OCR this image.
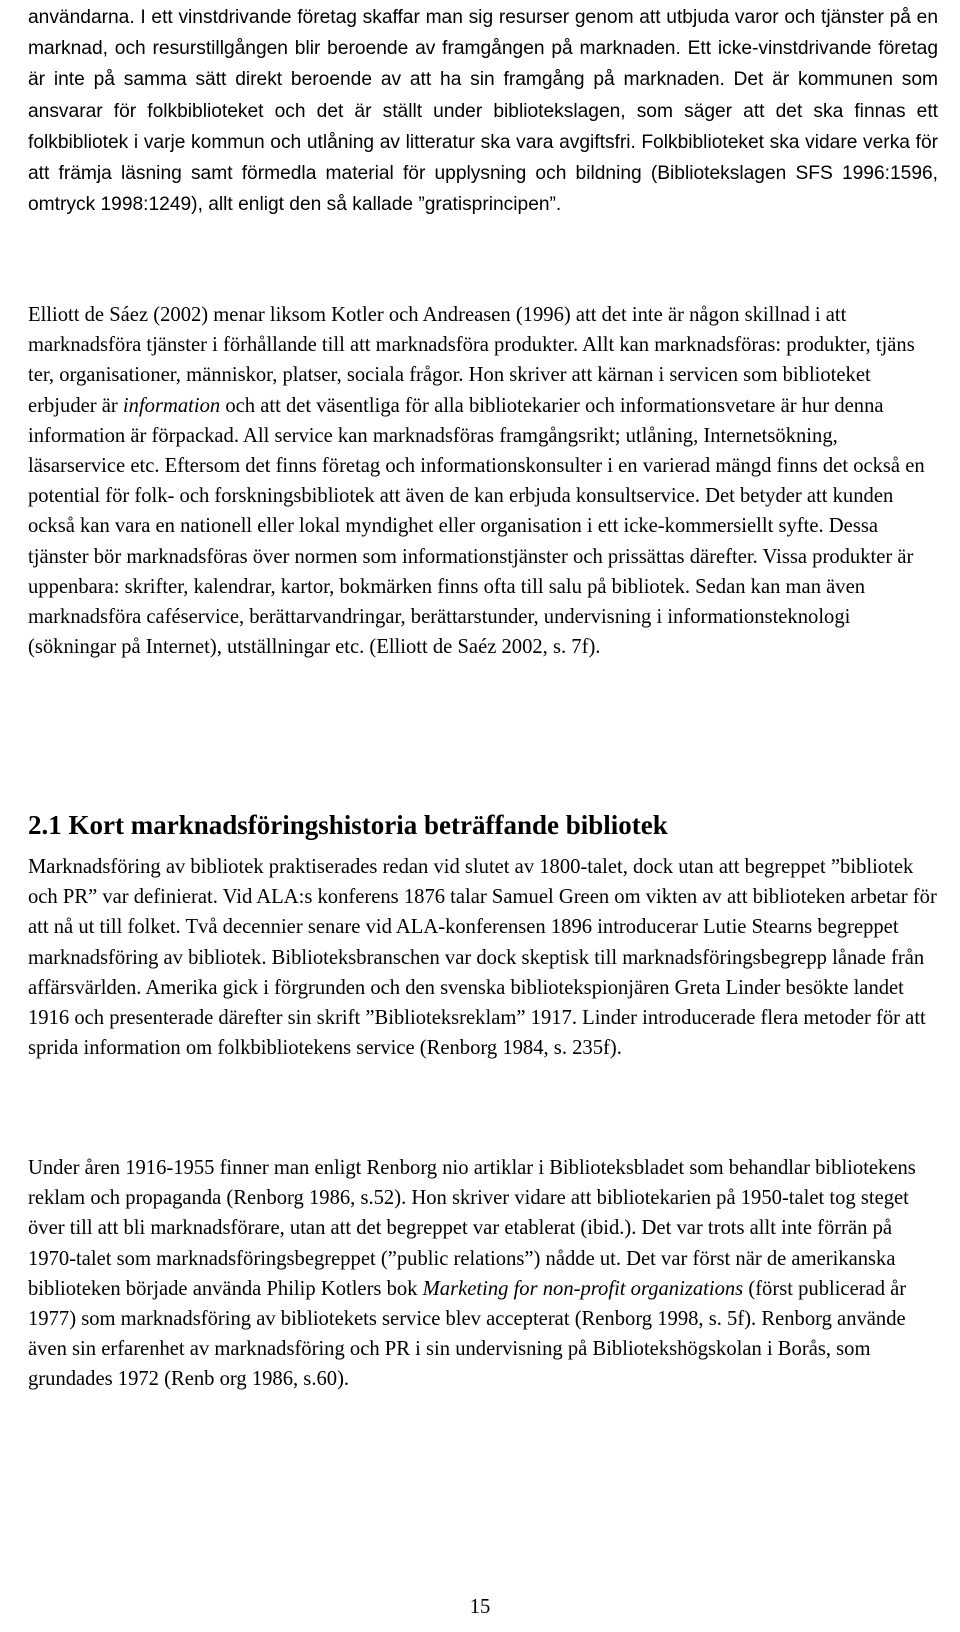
användarna. I ett vinstdrivande företag skaffar man sig resurser genom att utbjuda varor och tjänster på en marknad, och resurstillgången blir beroende av framgången på marknaden. Ett icke-vinstdrivande företag är inte på samma sätt direkt beroende av att ha sin framgång på marknaden. Det är kommunen som ansvarar för folkbiblioteket och det är ställt under bibliotekslagen, som säger att det ska finnas ett folkbibliotek i varje kommun och utlåning av litteratur ska vara avgiftsfri. Folkbiblioteket ska vidare verka för att främja läsning samt förmedla material för upplysning och bildning (Bibliotekslagen SFS 1996:1596, omtryck 1998:1249), allt enligt den så kallade ”gratisprincipen”.

Elliott de Sáez (2002) menar liksom Kotler och Andreasen (1996) att det inte är någon skillnad i att marknadsföra tjänster i förhållande till att marknadsföra produkter. Allt kan marknadsföras: produkter, tjäns ter, organisationer, människor, platser, sociala frågor. Hon skriver att kärnan i servicen som biblioteket erbjuder är information och att det väsentliga för alla bibliotekarier och informationsvetare är hur denna information är förpackad. All service kan marknadsföras framgångsrikt; utlåning, Internetsökning, läsarservice etc. Eftersom det finns företag och informationskonsulter i en varierad mängd finns det också en potential för folk- och forskningsbibliotek att även de kan erbjuda konsultservice. Det betyder att kunden också kan vara en nationell eller lokal myndighet eller organisation i ett icke-kommersiellt syfte. Dessa tjänster bör marknadsföras över normen som informationstjänster och prissättas därefter. Vissa produkter är uppenbara: skrifter, kalendrar, kartor, bokmärken finns ofta till salu på bibliotek. Sedan kan man även marknadsföra caféservice, berättarvandringar, berättarstunder, undervisning i informationsteknologi (sökningar på Internet), utställningar etc. (Elliott de Saéz 2002, s. 7f).

2.1 Kort marknadsföringshistoria beträffande bibliotek

Marknadsföring av bibliotek praktiserades redan vid slutet av 1800-talet, dock utan att begreppet ”bibliotek och PR” var definierat. Vid ALA:s konferens 1876 talar Samuel Green om vikten av att biblioteken arbetar för att nå ut till folket. Två decennier senare vid ALA-konferensen 1896 introducerar Lutie Stearns begreppet marknadsföring av bibliotek. Biblioteksbranschen var dock skeptisk till marknadsföringsbegrepp lånade från affärsvärlden. Amerika gick i förgrunden och den svenska bibliotekspionjären Greta Linder besökte landet 1916 och presenterade därefter sin skrift ”Biblioteksreklam” 1917. Linder introducerade flera metoder för att sprida information om folkbibliotekens service (Renborg 1984, s. 235f).

Under åren 1916-1955 finner man enligt Renborg nio artiklar i Biblioteksbladet som behandlar bibliotekens reklam och propaganda (Renborg 1986, s.52). Hon skriver vidare att bibliotekarien på 1950-talet tog steget över till att bli marknadsförare, utan att det begreppet var etablerat (ibid.). Det var trots allt inte förrän på 1970-talet som marknadsföringsbegreppet (”public relations”) nådde ut. Det var först när de amerikanska biblioteken började använda Philip Kotlers bok Marketing for non-profit organizations (först publicerad år 1977) som marknadsföring av bibliotekets service blev accepterat (Renborg 1998, s. 5f). Renborg använde även sin erfarenhet av marknadsföring och PR i sin undervisning på Bibliotekshögskolan i Borås, som grundades 1972 (Renb org 1986, s.60).

15
